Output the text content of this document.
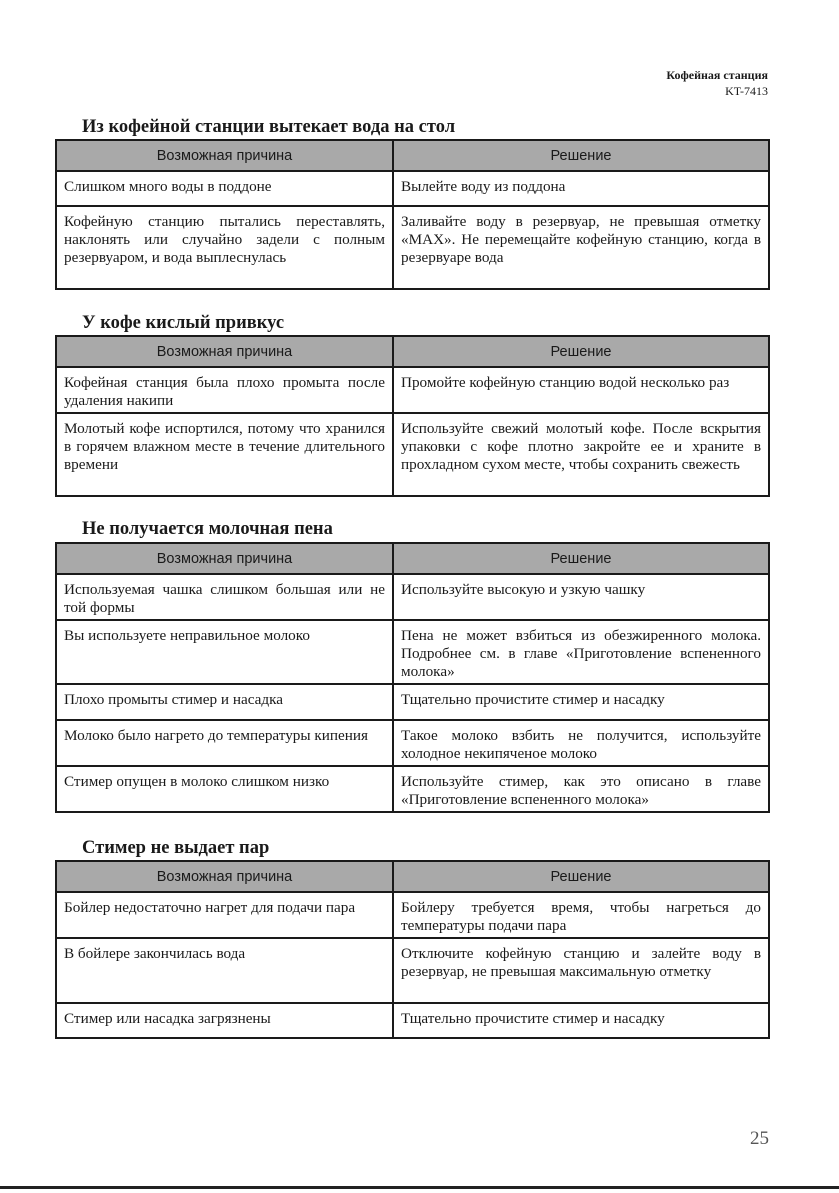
Кофейная станция
KT-7413
Из кофейной станции вытекает вода на стол
Возможная причина	Решение
Слишком много воды в поддоне	Вылейте воду из поддона
Кофейную станцию пытались переставлять, наклонять или случайно задели с полным резервуаром, и вода выплеснулась	Заливайте воду в резервуар, не превышая отметку «MAX». Не перемещайте кофейную станцию, когда в резервуаре вода
У кофе кислый привкус
Возможная причина	Решение
Кофейная станция была плохо промыта после удаления накипи	Промойте кофейную станцию водой несколько раз
Молотый кофе испортился, потому что хранился в горячем влажном месте в течение длительного времени	Используйте свежий молотый кофе. После вскрытия упаковки с кофе плотно закройте ее и храните в прохладном сухом месте, чтобы сохранить свежесть
Не получается молочная пена
Возможная причина	Решение
Используемая чашка слишком большая или не той формы	Используйте высокую и узкую чашку
Вы используете неправильное молоко	Пена не может взбиться из обезжиренного молока. Подробнее см. в главе «Приготовление вспененного молока»
Плохо промыты стимер и насадка	Тщательно прочистите стимер и насадку
Молоко было нагрето до температуры кипения	Такое молоко взбить не получится, используйте холодное некипяченое молоко
Стимер опущен в молоко слишком низко	Используйте стимер, как это описано в главе «Приготовление вспененного молока»
Стимер не выдает пар
Возможная причина	Решение
Бойлер недостаточно нагрет для подачи пара	Бойлеру требуется время, чтобы нагреться до температуры подачи пара
В бойлере закончилась вода	Отключите кофейную станцию и залейте воду в резервуар, не превышая максимальную отметку
Стимер или насадка загрязнены	Тщательно прочистите стимер и насадку
25
